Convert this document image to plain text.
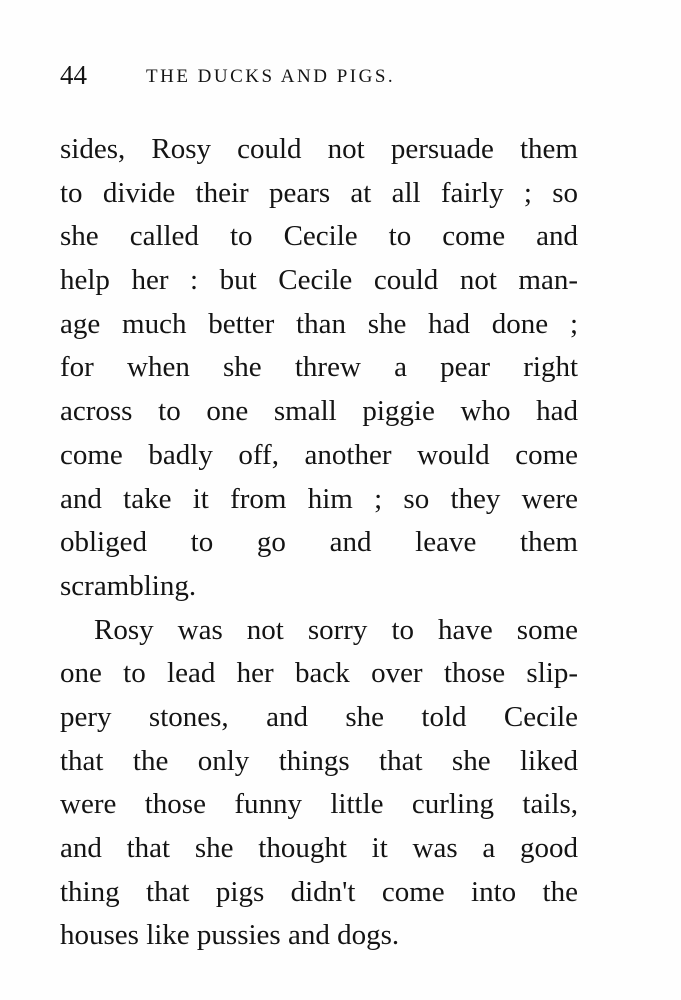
44	THE DUCKS AND PIGS.
sides, Rosy could not persuade them
to divide their pears at all fairly ; so
she called to Cecile to come and
help her : but Cecile could not man-
age much better than she had done ;
for when she threw a pear right
across to one small piggie who had
come badly off, another would come
and take it from him ; so they were
obliged to go and leave them
scrambling.
Rosy was not sorry to have some
one to lead her back over those slip-
pery stones, and she told Cecile
that the only things that she liked
were those funny little curling tails,
and that she thought it was a good
thing that pigs didn't come into the
houses like pussies and dogs.
